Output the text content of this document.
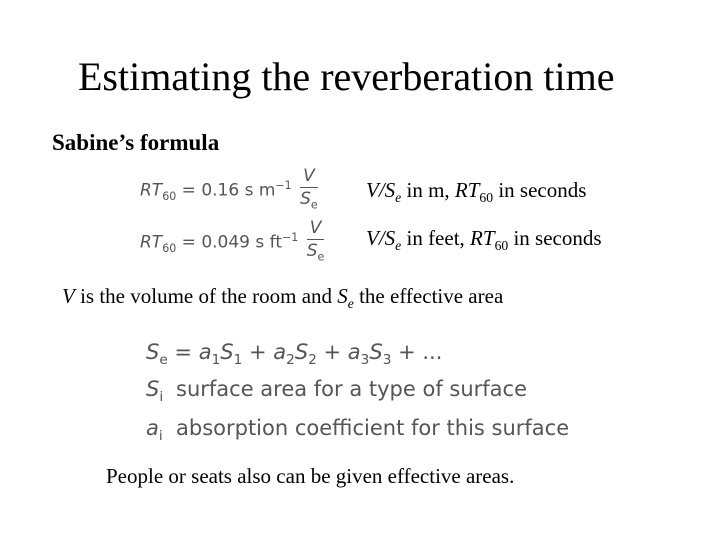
Estimating the reverberation time
Sabine’s formula
$RT_{60} = 0.16$ s $m^{-1} \frac{V}{S_e}$
$RT_{60} = 0.049$ s $ft^{-1} \frac{V}{S_e}$
$V/S_e$ in m, $RT_{60}$ in seconds
$V/S_e$ in feet, $RT_{60}$ in seconds
V is the volume of the room and $S_e$ the effective area
$S_e = a_1S_1 + a_2S_2 + a_3S_3$ + ...
$S_i$ surface area for a type of surface
$a_i$ absorption coefficient for this surface
People or seats also can be given effective areas.
